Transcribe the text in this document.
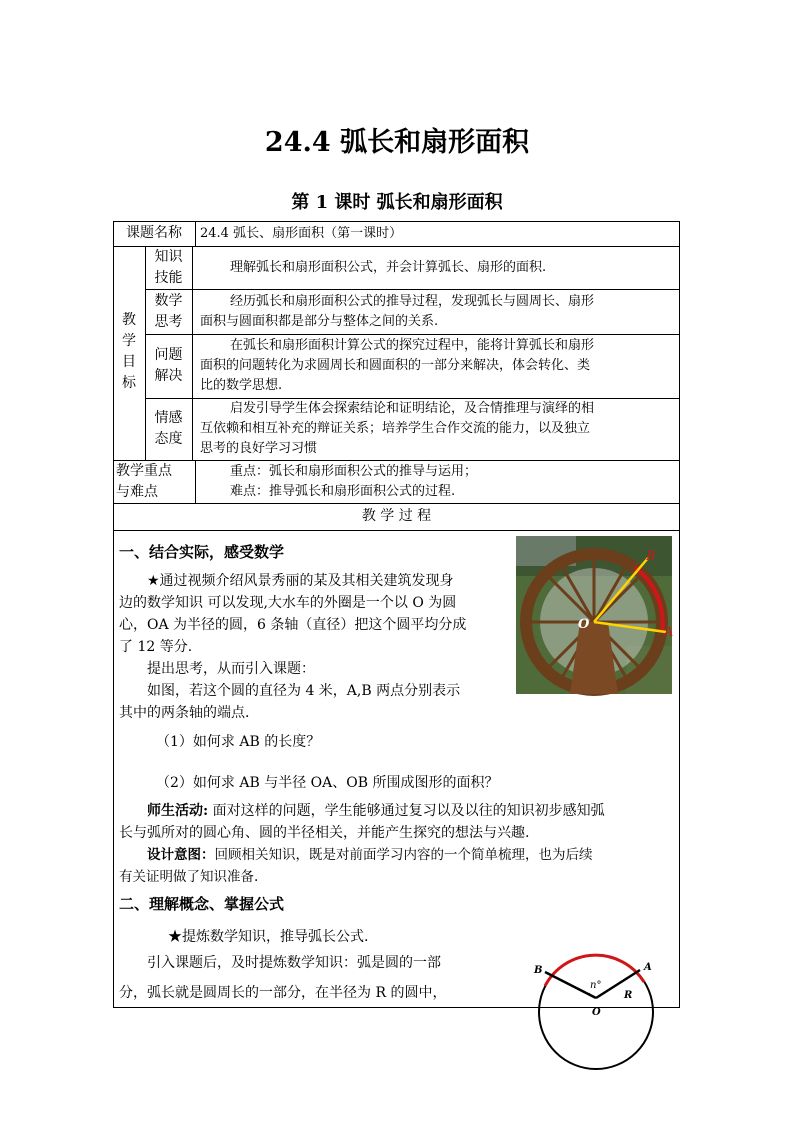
24.4 弧长和扇形面积
第 1 课时 弧长和扇形面积
课题名称	24.4 弧长、扇形面积（第一课时）
教
学
目
标
知识
技能
理解弧长和扇形面积公式，并会计算弧长、扇形的面积.
数学
思考
经历弧长和扇形面积公式的推导过程，发现弧长与圆周长、扇形
面积与圆面积都是部分与整体之间的关系.
问题
解决
在弧长和扇形面积计算公式的探究过程中，能将计算弧长和扇形
面积的问题转化为求圆周长和圆面积的一部分来解决，体会转化、类
比的数学思想.
情感
态度
启发引导学生体会探索结论和证明结论，及合情推理与演绎的相
互依赖和相互补充的辩证关系；培养学生合作交流的能力，以及独立
思考的良好学习习惯
教学重点
与难点
重点：弧长和扇形面积公式的推导与运用；
难点：推导弧长和扇形面积公式的过程.
教 学 过 程
一、结合实际，感受数学
★通过视频介绍风景秀丽的某及其相关建筑发现身
边的数学知识 可以发现,大水车的外圈是一个以 O 为圆
心，OA 为半径的圆，6 条轴（直径）把这个圆平均分成
了 12 等分.
提出思考，从而引入课题：
如图，若这个圆的直径为 4 米，A,B 两点分别表示
其中的两条轴的端点.
（1）如何求 AB 的长度？
（2）如何求 AB 与半径 OA、OB 所围成图形的面积？
师生活动: 面对这样的问题，学生能够通过复习以及以往的知识初步感知弧
长与弧所对的圆心角、圆的半径相关，并能产生探究的想法与兴趣.
设计意图：回顾相关知识，既是对前面学习内容的一个简单梳理，也为后续
有关证明做了知识准备.
二、理解概念、掌握公式
★提炼数学知识，推导弧长公式.
引入课题后，及时提炼数学知识：弧是圆的一部
分，弧长就是圆周长的一部分，在半径为 R 的圆中，
B
O
A
B	A
n°
R
O
